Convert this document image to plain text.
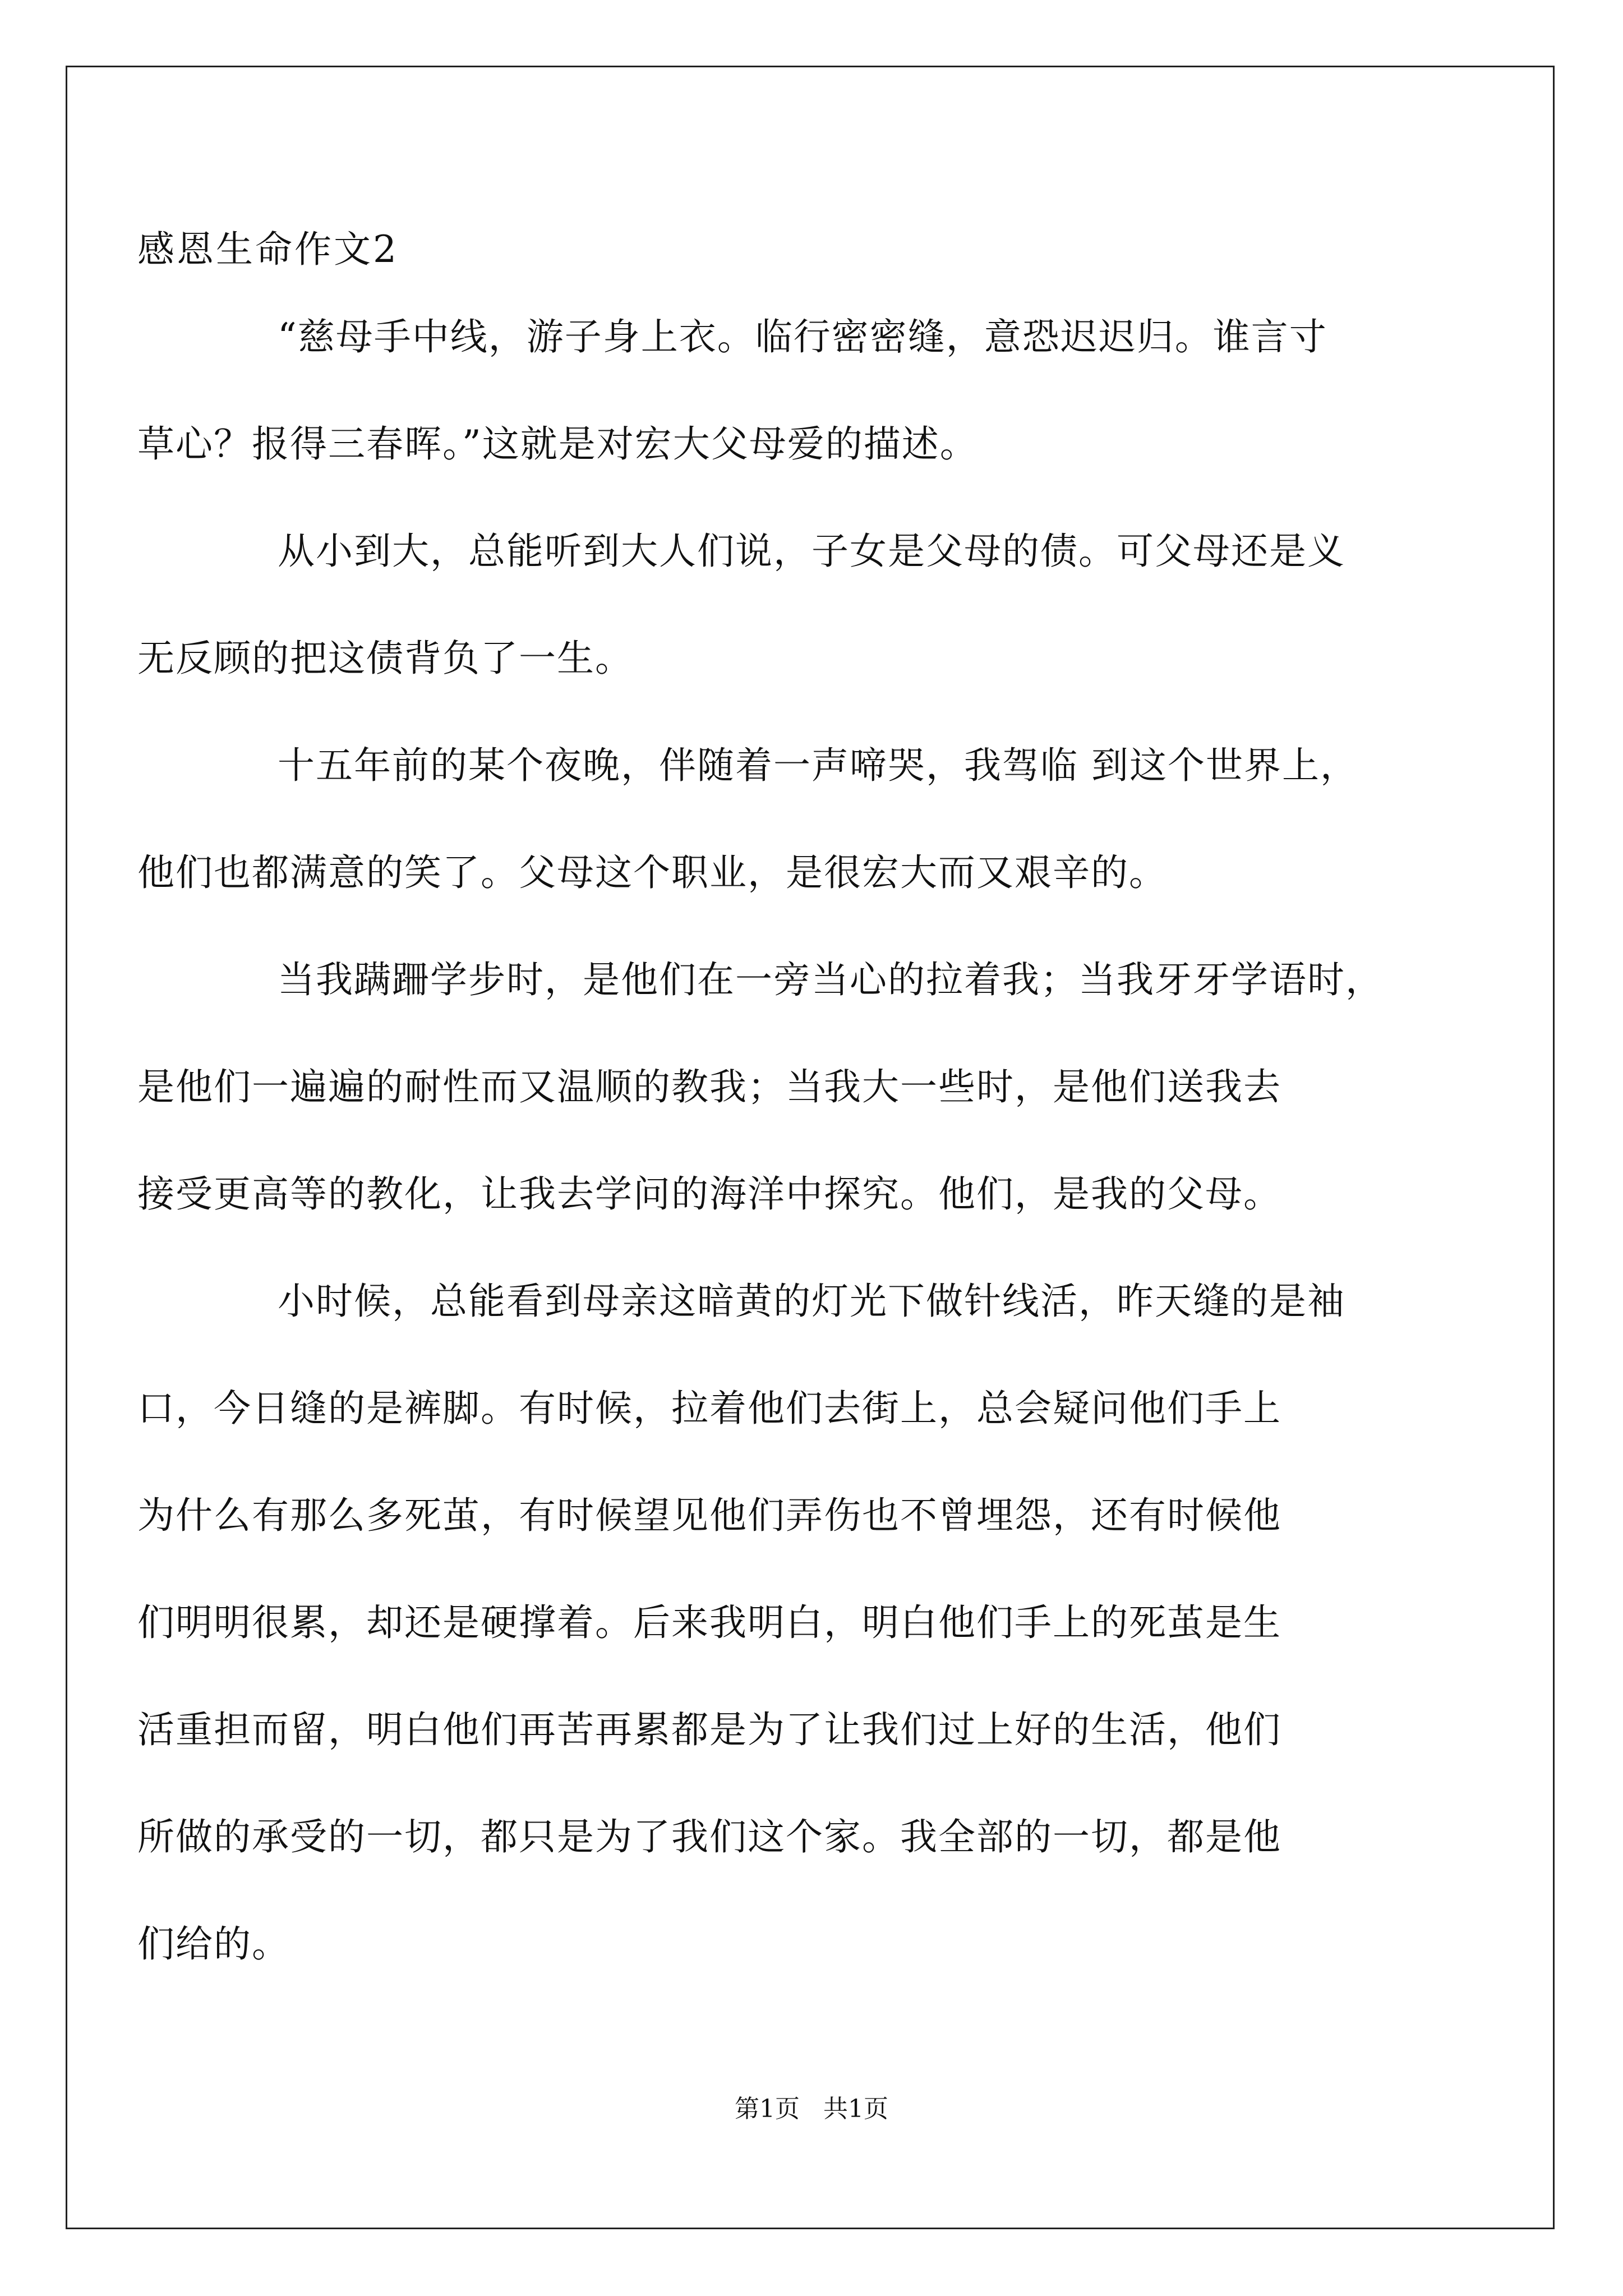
感恩生命作文2
“慈母手中线，游子身上衣。临行密密缝，意恐迟迟归。谁言寸
草心？报得三春晖。”这就是对宏大父母爱的描述。
从小到大，总能听到大人们说，子女是父母的债。可父母还是义
无反顾的把这债背负了一生。
十五年前的某个夜晚，伴随着一声啼哭，我驾临 到这个世界上，
他们也都满意的笑了。父母这个职业，是很宏大而又艰辛的。
当我蹒跚学步时，是他们在一旁当心的拉着我；当我牙牙学语时，
是他们一遍遍的耐性而又温顺的教我；当我大一些时，是他们送我去
接受更高等的教化，让我去学问的海洋中探究。他们，是我的父母。
小时候，总能看到母亲这暗黄的灯光下做针线活，昨天缝的是袖
口，今日缝的是裤脚。有时候，拉着他们去街上，总会疑问他们手上
为什么有那么多死茧，有时候望见他们弄伤也不曾埋怨，还有时候他
们明明很累，却还是硬撑着。后来我明白，明白他们手上的死茧是生
活重担而留，明白他们再苦再累都是为了让我们过上好的生活，他们
所做的承受的一切，都只是为了我们这个家。我全部的一切，都是他
们给的。
第1页   共1页
